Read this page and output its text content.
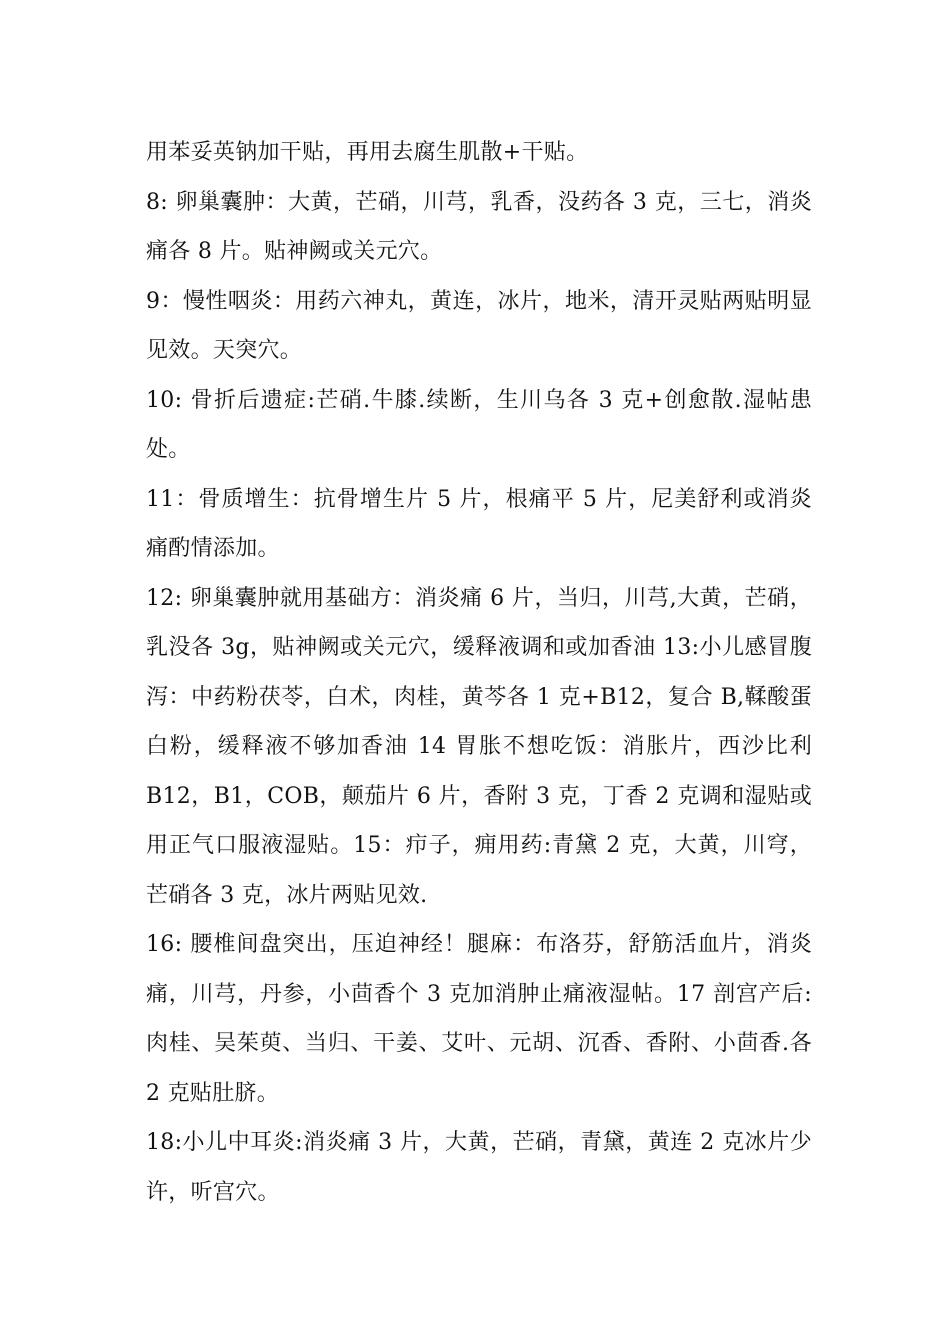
用苯妥英钠加干贴，再用去腐生肌散+干贴。

8: 卵巢囊肿：大黄，芒硝，川芎，乳香，没药各 3 克，三七，消炎痛各 8 片。贴神阙或关元穴。

9：慢性咽炎：用药六神丸，黄连，冰片，地米，清开灵贴两贴明显见效。天突穴。

10: 骨折后遗症:芒硝.牛膝.续断，生川乌各 3 克+创愈散.湿帖患处。

11：骨质增生：抗骨增生片 5 片，根痛平 5 片，尼美舒利或消炎痛酌情添加。

12: 卵巢囊肿就用基础方：消炎痛 6 片，当归，川芎,大黄，芒硝，乳没各 3g，贴神阙或关元穴，缓释液调和或加香油 13:小儿感冒腹泻：中药粉茯苓，白术，肉桂，黄芩各 1 克+B12，复合 B,鞣酸蛋白粉，缓释液不够加香油 14 胃胀不想吃饭：消胀片，西沙比利 B12，B1，COB，颠茄片 6 片，香附 3 克，丁香 2 克调和湿贴或用正气口服液湿贴。15：疖子，痈用药:青黛 2 克，大黄，川穹，芒硝各 3 克，冰片两贴见效.

16: 腰椎间盘突出，压迫神经！腿麻：布洛芬，舒筋活血片，消炎痛，川芎，丹参，小茴香个 3 克加消肿止痛液湿帖。17 剖宫产后:肉桂、吴茱萸、当归、干姜、艾叶、元胡、沉香、香附、小茴香.各 2 克贴肚脐。

18:小儿中耳炎:消炎痛 3 片，大黄，芒硝，青黛，黄连 2 克冰片少许，听宫穴。
